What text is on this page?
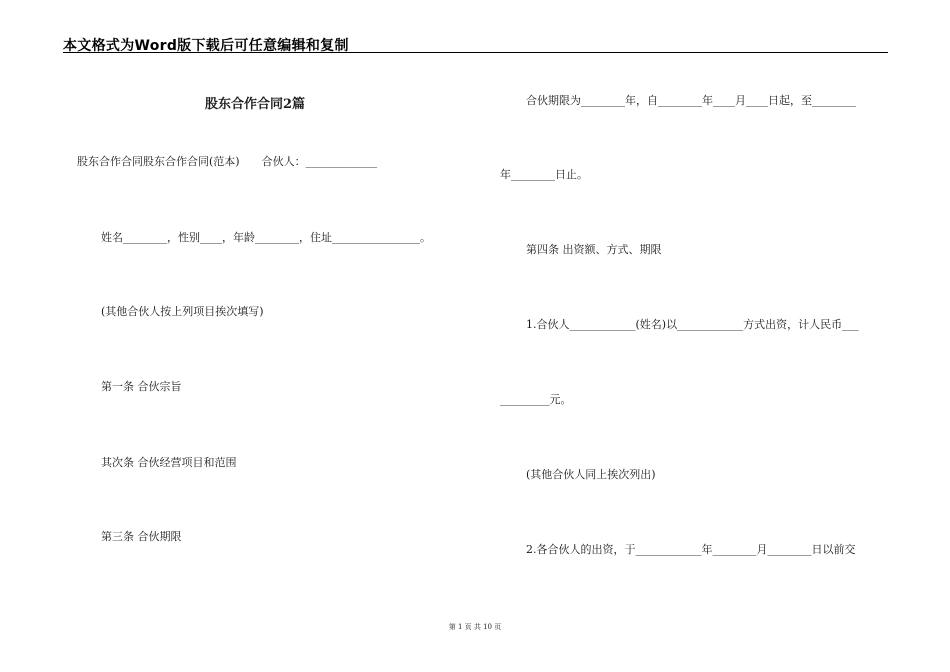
本文格式为Word版下载后可任意编辑和复制
股东合作合同2篇
股东合作合同股东合作合同(范本)　　合伙人：_____________
姓名________，性别____，年龄________，住址________________。
(其他合伙人按上列项目挨次填写)
第一条 合伙宗旨
其次条 合伙经营项目和范围
第三条 合伙期限
合伙期限为________年，自________年____月____日起，至________
年________日止。
第四条 出资额、方式、期限
1.合伙人____________(姓名)以____________方式出资，计人民币___
_________元。
(其他合伙人同上挨次列出)
2.各合伙人的出资，于____________年________月________日以前交
第 1 页 共 10 页
